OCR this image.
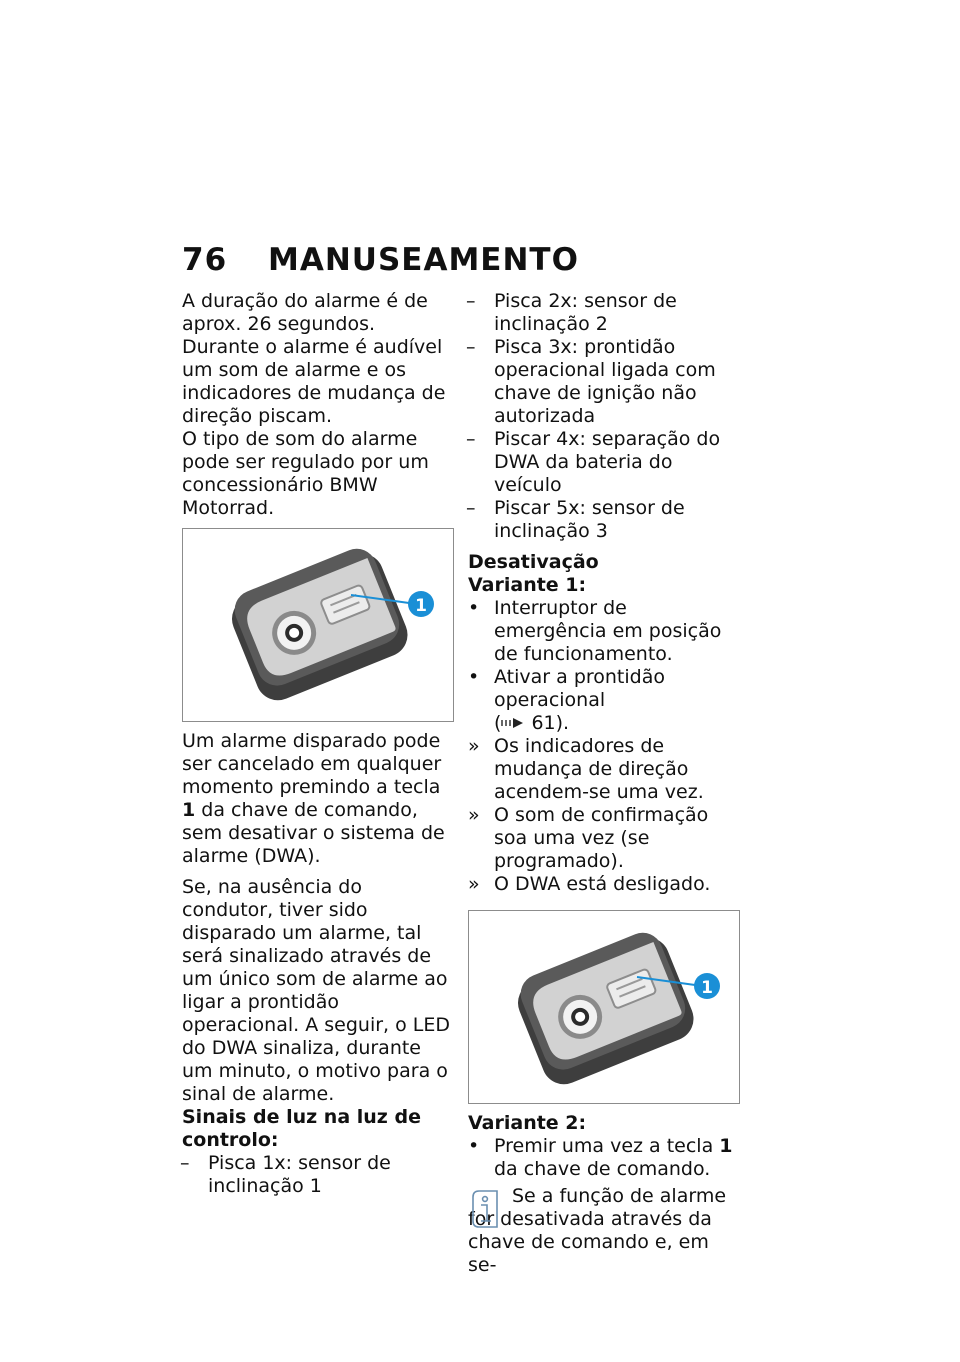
76 MANUSEAMENTO

A duração do alarme é de aprox. 26 segundos. Durante o alarme é audível um som de alarme e os indicadores de mudança de direção piscam.

O tipo de som do alarme pode ser regulado por um concessionário BMW Motorrad.

1

Um alarme disparado pode ser cancelado em qualquer momento premindo a tecla 1 da chave de comando, sem desativar o sistema de alarme (DWA).

Se, na ausência do condutor, tiver sido disparado um alarme, tal será sinalizado através de um único som de alarme ao ligar a prontidão operacional. A seguir, o LED do DWA sinaliza, durante um minuto, o motivo para o sinal de alarme.

Sinais de luz na luz de controlo:

– Pisca 1x: sensor de inclinação 1
– Pisca 2x: sensor de inclinação 2
– Pisca 3x: prontidão operacional ligada com chave de ignição não autorizada
– Piscar 4x: separação do DWA da bateria do veículo
– Piscar 5x: sensor de inclinação 3

Desativação

Variante 1:

• Interruptor de emergência em posição de funcionamento.
• Ativar a prontidão operacional
( 61).
» Os indicadores de mudança de direção acendem-se uma vez.
» O som de confirmação soa uma vez (se programado).
» O DWA está desligado.
1

Variante 2:

• Premir uma vez a tecla 1 da chave de comando.

Se a função de alarme for desativada através da chave de comando e, em se-
